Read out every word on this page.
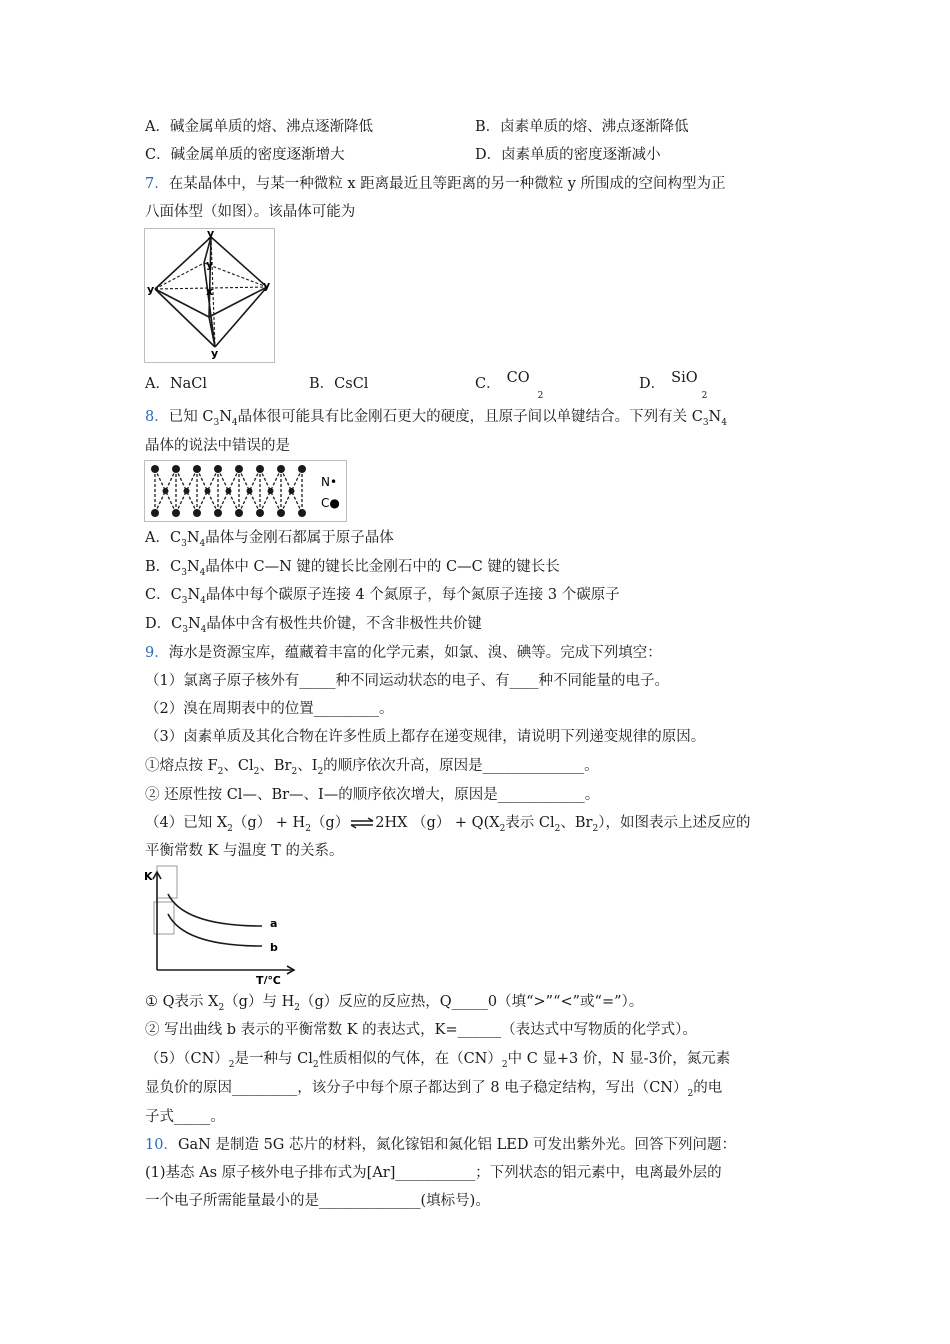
A．碱金属单质的熔、沸点逐渐降低	B．卤素单质的熔、沸点逐渐降低
C．碱金属单质的密度逐渐增大	D．卤素单质的密度逐渐减小
7．在某晶体中，与某一种微粒 x 距离最近且等距离的另一种微粒 y 所围成的空间构型为正
八面体型（如图）。该晶体可能为
y
y	y
y
y
x
A．NaCl	B．CsCl	C． $CO_2$
D． SiO$_2$
8．已知 $C_3N_4$晶体很可能具有比金刚石更大的硬度，且原子间以单键结合。下列有关 $C_3N_4$
晶体的说法中错误的是
N•
C●
A．$C_3N_4$晶体与金刚石都属于原子晶体
B．$C_3N_4$晶体中 C—N 键的键长比金刚石中的 C—C 键的键长长
C．$C_3N_4$晶体中每个碳原子连接 4 个氮原子，每个氮原子连接 3 个碳原子
D．$C_3N_4$晶体中含有极性共价键，不含非极性共价键
9．海水是资源宝库，蕴藏着丰富的化学元素，如氯、溴、碘等。完成下列填空：
（1）氯离子原子核外有_____种不同运动状态的电子、有____种不同能量的电子。
（2）溴在周期表中的位置_________。
（3）卤素单质及其化合物在许多性质上都存在递变规律，请说明下列递变规律的原因。
①熔点按 $F_2$、$Cl_2$、$Br_2$、$I_2$的顺序依次升高，原因是______________。
② 还原性按 Cl—、Br—、I—的顺序依次增大，原因是____________。
（4）已知 $X_2(g)$ + $H_2(g)\rightleftharpoons 2HX$ $(g) + Q(X_2$表示 $Cl_2$、$Br_2$），如图表示上述反应的
平衡常数 K 与温度 T 的关系。
K
a
b
T/℃
① Q表示 $X_2(g)$与 $H_2(g)$反应的反应热，Q_____0（填“>”“<”或“=”）。
② 写出曲线 b 表示的平衡常数 K 的表达式，K=______（表达式中写物质的化学式）。
$(5)(CN)_2$是一种与 $Cl_2$性质相似的气体，在$(CN)_2$中 C 显+3 价，N 显-3价，氮元素
显负价的原因_________，该分子中每个原子都达到了 8 电子稳定结构，写出$(CN)_2$的电
子式_____。
10．GaN 是制造 5G 芯片的材料，氮化镓铝和氮化铝 LED 可发出紫外光。回答下列问题：
(1)基态 As 原子核外电子排布式为[Ar]___________；下列状态的铝元素中，电离最外层的
一个电子所需能量最小的是______________(填标号)。
